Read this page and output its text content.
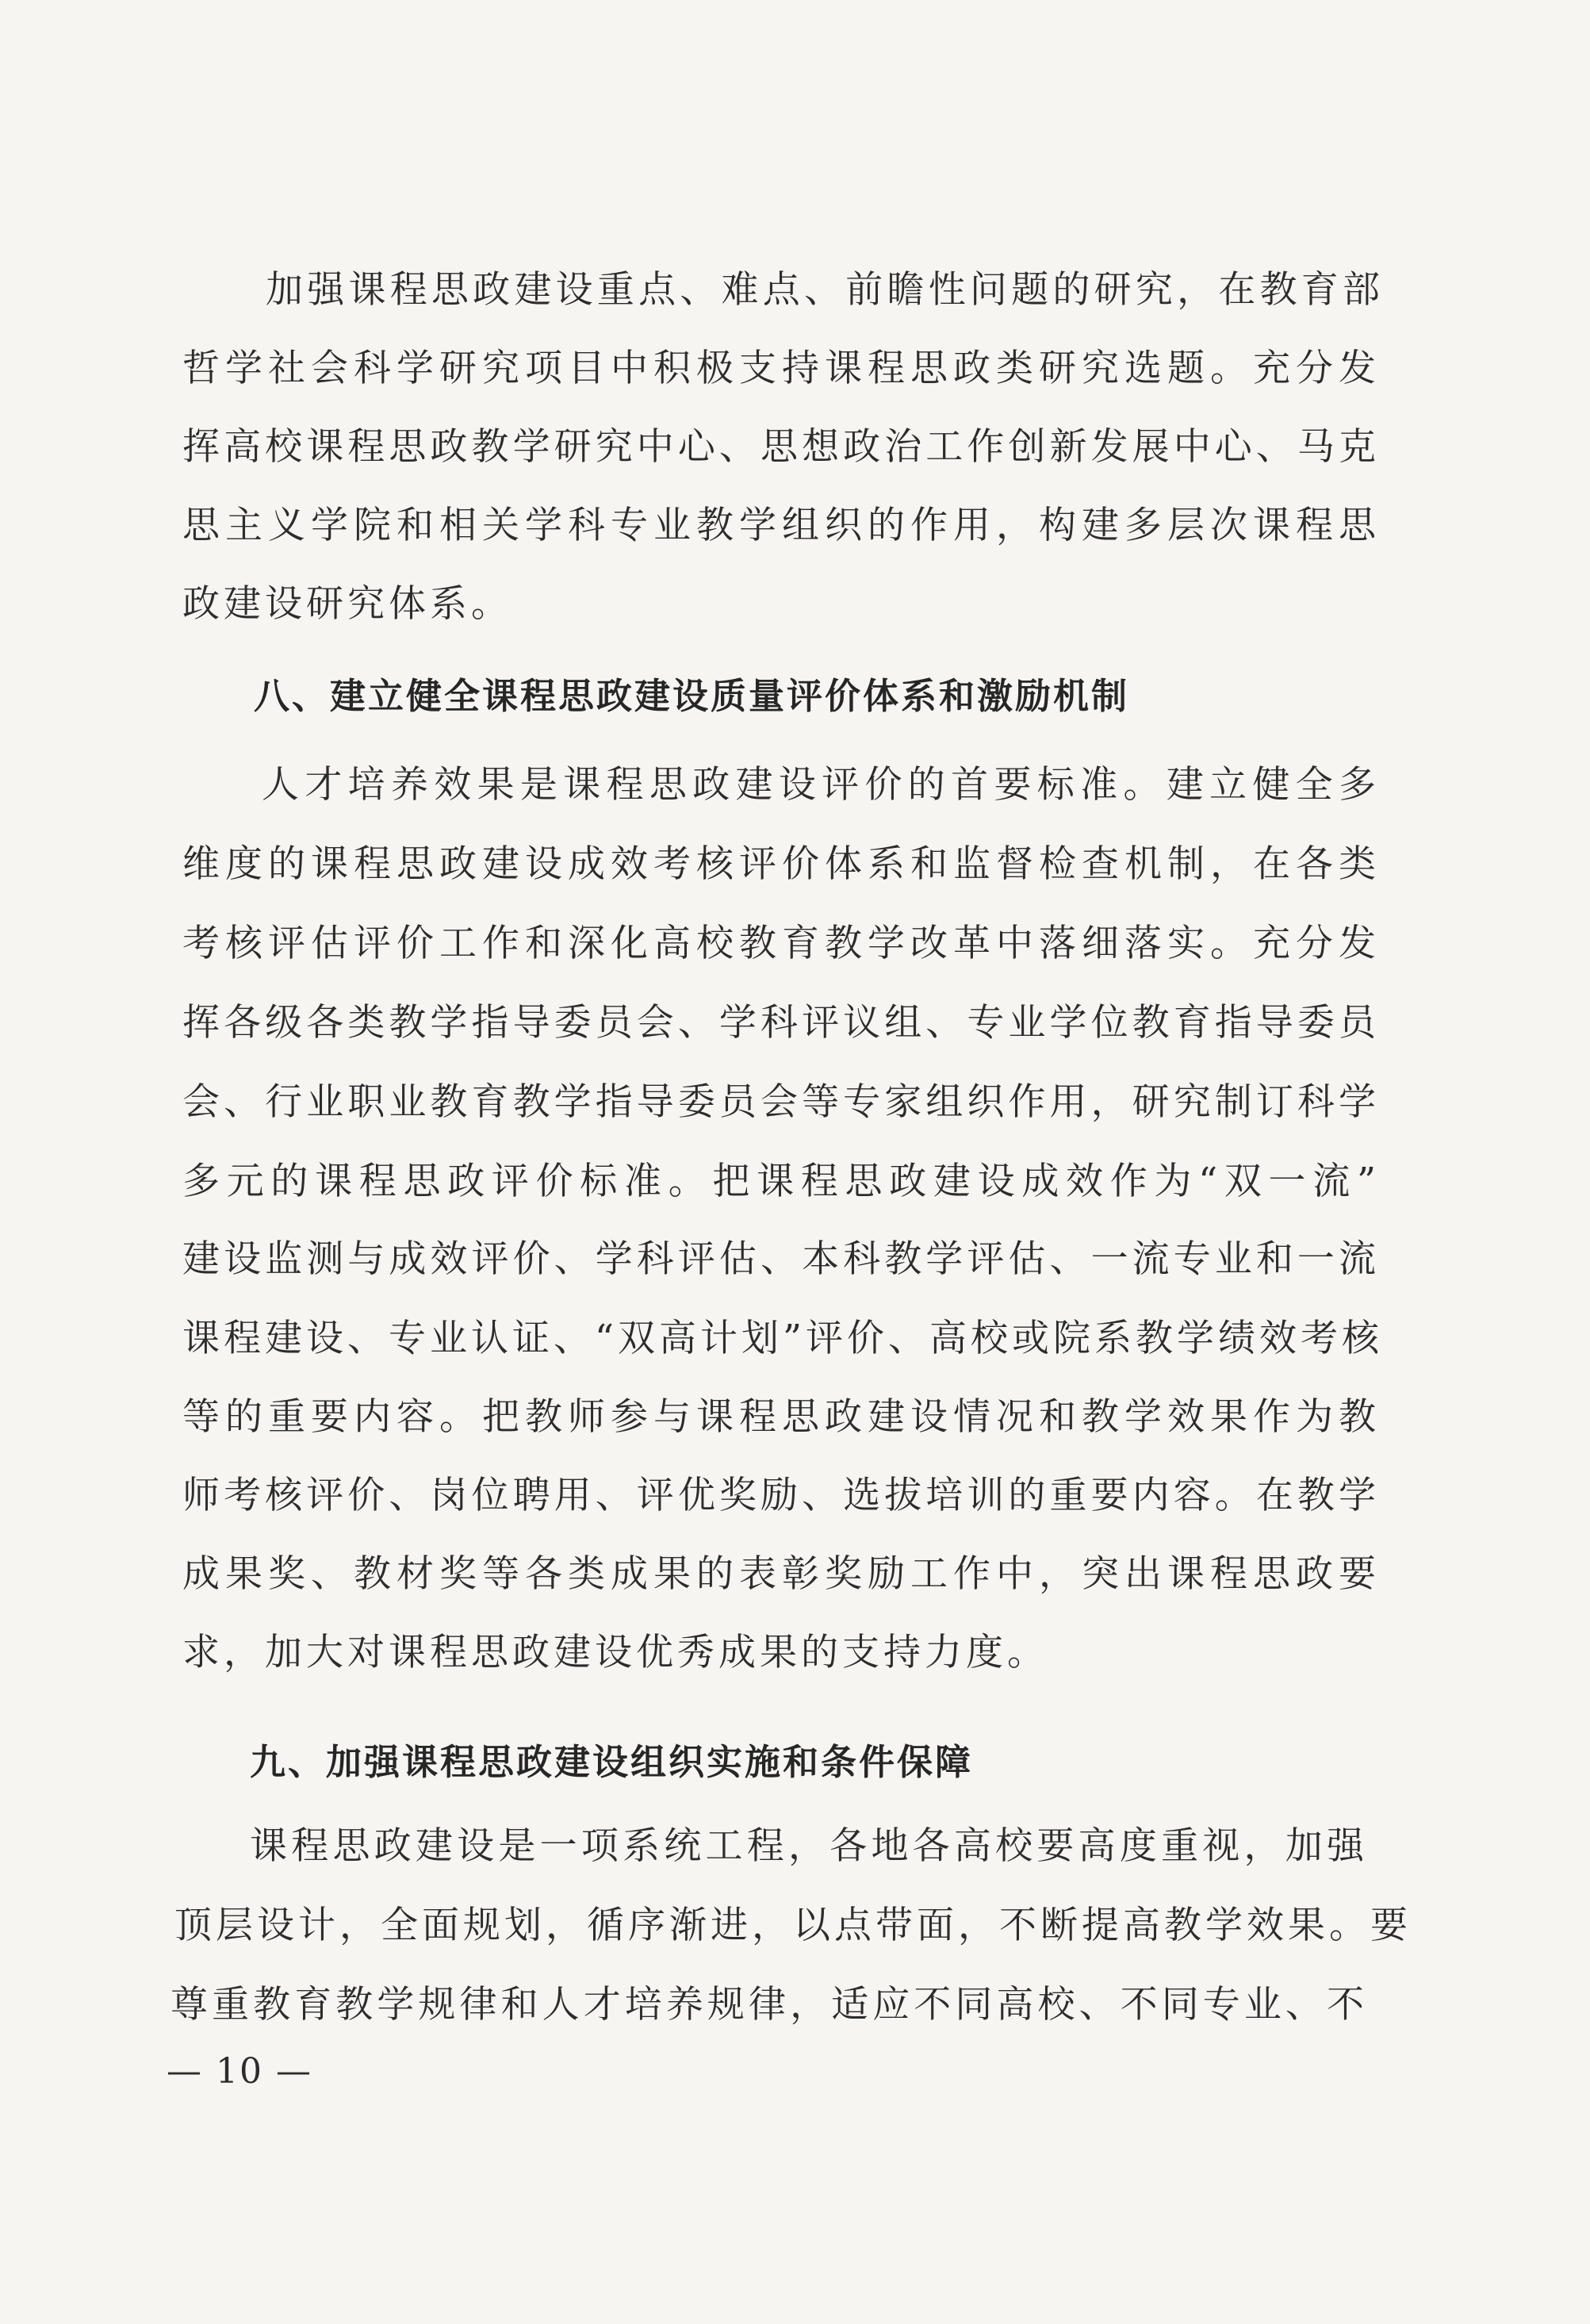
加强课程思政建设重点、难点、前瞻性问题的研究，在教育部
哲学社会科学研究项目中积极支持课程思政类研究选题。充分发
挥高校课程思政教学研究中心、思想政治工作创新发展中心、马克
思主义学院和相关学科专业教学组织的作用，构建多层次课程思
政建设研究体系。
八、建立健全课程思政建设质量评价体系和激励机制
人才培养效果是课程思政建设评价的首要标准。建立健全多
维度的课程思政建设成效考核评价体系和监督检查机制，在各类
考核评估评价工作和深化高校教育教学改革中落细落实。充分发
挥各级各类教学指导委员会、学科评议组、专业学位教育指导委员
会、行业职业教育教学指导委员会等专家组织作用，研究制订科学
多元的课程思政评价标准。把课程思政建设成效作为“双一流”
建设监测与成效评价、学科评估、本科教学评估、一流专业和一流
课程建设、专业认证、“双高计划”评价、高校或院系教学绩效考核
等的重要内容。把教师参与课程思政建设情况和教学效果作为教
师考核评价、岗位聘用、评优奖励、选拔培训的重要内容。在教学
成果奖、教材奖等各类成果的表彰奖励工作中，突出课程思政要
求，加大对课程思政建设优秀成果的支持力度。
九、加强课程思政建设组织实施和条件保障
课程思政建设是一项系统工程，各地各高校要高度重视，加强
顶层设计，全面规划，循序渐进，以点带面，不断提高教学效果。要
尊重教育教学规律和人才培养规律，适应不同高校、不同专业、不
— 10 —
